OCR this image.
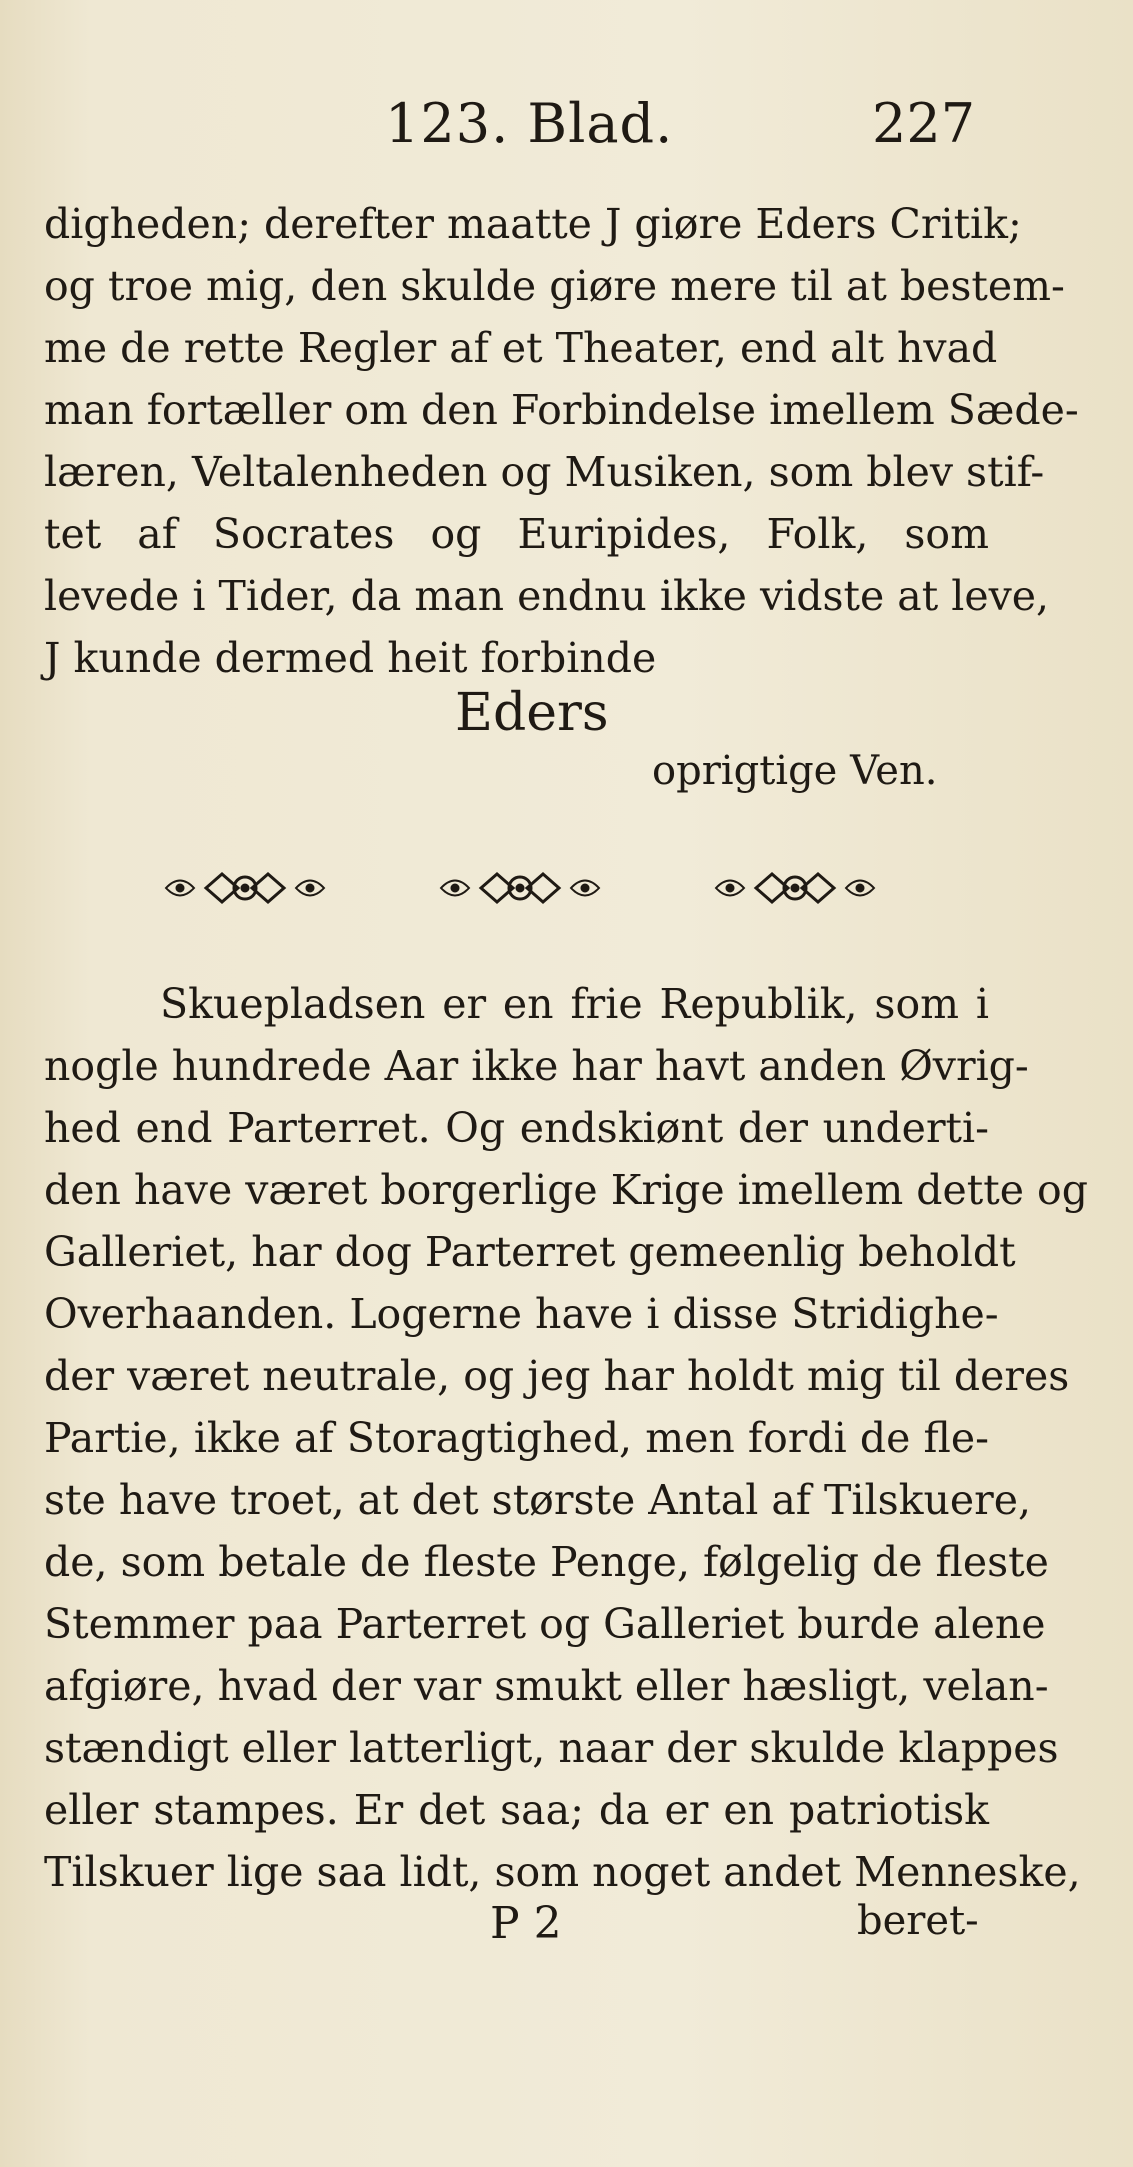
123. Blad.	227
digheden; derefter maatte J giøre Eders Critik;
og troe mig, den skulde giøre mere til at bestem-
me de rette Regler af et Theater, end alt hvad
man fortæller om den Forbindelse imellem Sæde-
læren, Veltalenheden og Musiken, som blev stif-
tet af Socrates og Euripides, Folk, som
levede i Tider, da man endnu ikke vidste at leve,
J kunde dermed heit forbinde
Eders
oprigtige Ven.
Skuepladsen er en frie Republik, som i
nogle hundrede Aar ikke har havt anden Øvrig-
hed end Parterret. Og endskiønt der underti-
den have været borgerlige Krige imellem dette og
Galleriet, har dog Parterret gemeenlig beholdt
Overhaanden. Logerne have i disse Stridighe-
der været neutrale, og jeg har holdt mig til deres
Partie, ikke af Storagtighed, men fordi de fle-
ste have troet, at det største Antal af Tilskuere,
de, som betale de fleste Penge, følgelig de fleste
Stemmer paa Parterret og Galleriet burde alene
afgiøre, hvad der var smukt eller hæsligt, velan-
stændigt eller latterligt, naar der skulde klappes
eller stampes. Er det saa; da er en patriotisk
Tilskuer lige saa lidt, som noget andet Menneske,
P 2	beret-
